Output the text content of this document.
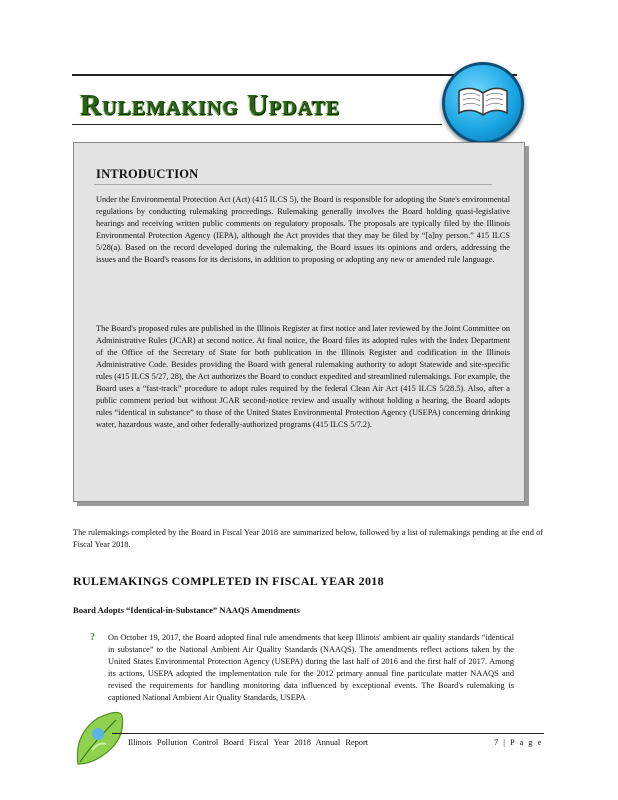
Rulemaking Update
INTRODUCTION
Under the Environmental Protection Act (Act) (415 ILCS 5), the Board is responsible for adopting the State's environmental regulations by conducting rulemaking proceedings. Rulemaking generally involves the Board holding quasi-legislative hearings and receiving written public comments on regulatory proposals. The proposals are typically filed by the Illinois Environmental Protection Agency (IEPA), although the Act provides that they may be filed by “[a]ny person.” 415 ILCS 5/28(a). Based on the record developed during the rulemaking, the Board issues its opinions and orders, addressing the issues and the Board's reasons for its decisions, in addition to proposing or adopting any new or amended rule language.
The Board's proposed rules are published in the Illinois Register at first notice and later reviewed by the Joint Committee on Administrative Rules (JCAR) at second notice. At final notice, the Board files its adopted rules with the Index Department of the Office of the Secretary of State for both publication in the Illinois Register and codification in the Illinois Administrative Code. Besides providing the Board with general rulemaking authority to adopt Statewide and site-specific rules (415 ILCS 5/27, 28), the Act authorizes the Board to conduct expedited and streamlined rulemakings. For example, the Board uses a “fast-track” procedure to adopt rules required by the federal Clean Air Act (415 ILCS 5/28.5). Also, after a public comment period but without JCAR second-notice review and usually without holding a hearing, the Board adopts rules “identical in substance” to those of the United States Environmental Protection Agency (USEPA) concerning drinking water, hazardous waste, and other federally-authorized programs (415 ILCS 5/7.2).
The rulemakings completed by the Board in Fiscal Year 2018 are summarized below, followed by a list of rulemakings pending at the end of Fiscal Year 2018.
RULEMAKINGS COMPLETED IN FISCAL YEAR 2018
Board Adopts “Identical-in-Substance” NAAQS Amendments
? On October 19, 2017, the Board adopted final rule amendments that keep Illinois' ambient air quality standards “identical in substance” to the National Ambient Air Quality Standards (NAAQS). The amendments reflect actions taken by the United States Environmental Protection Agency (USEPA) during the last half of 2016 and the first half of 2017. Among its actions, USEPA adopted the implementation rule for the 2012 primary annual fine particulate matter NAAQS and revised the requirements for handling monitoring data influenced by exceptional events. The Board's rulemaking is captioned National Ambient Air Quality Standards, USEPA
Illinois Pollution Control Board Fiscal Year 2018 Annual Report	7 | P a g e
